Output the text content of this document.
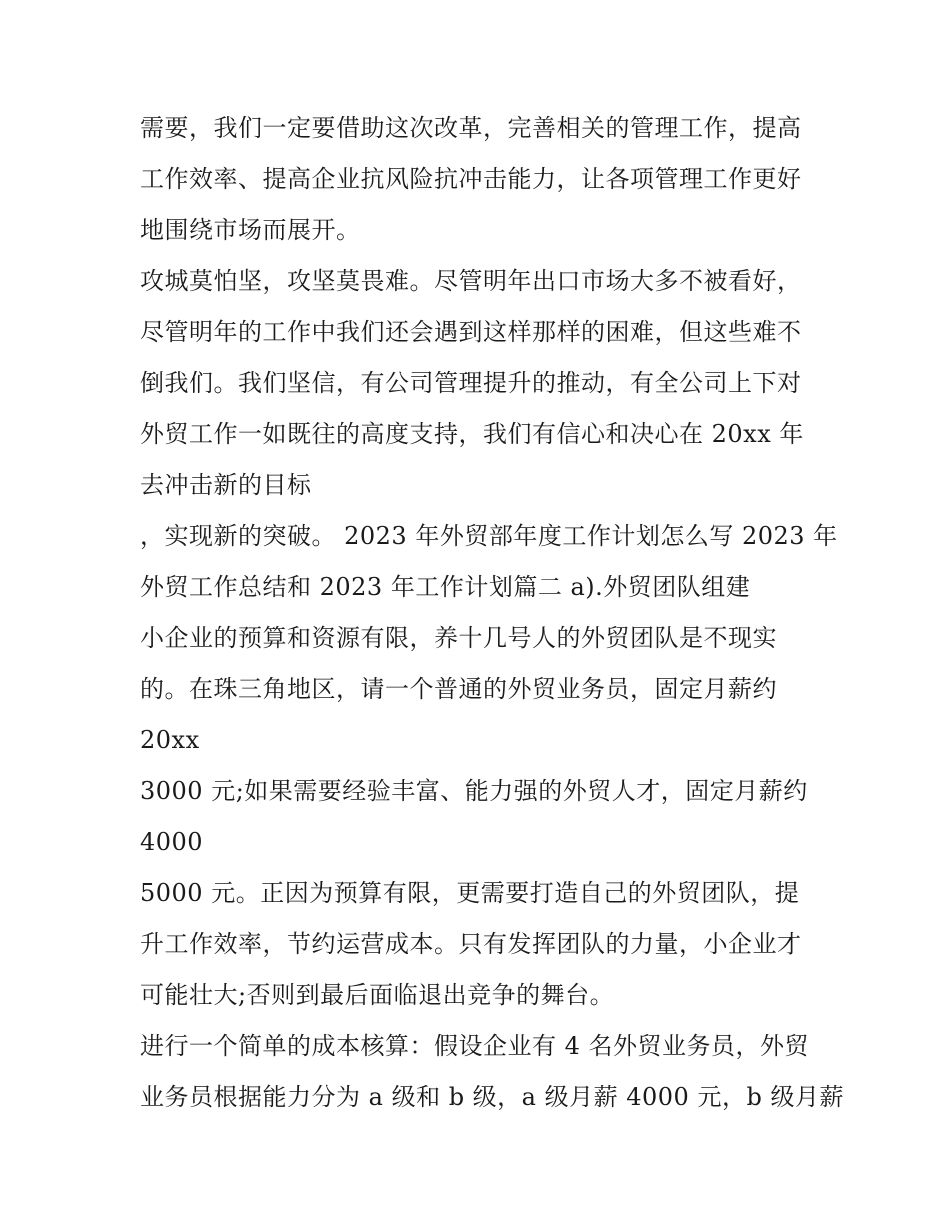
需要，我们一定要借助这次改革，完善相关的管理工作，提高
工作效率、提高企业抗风险抗冲击能力，让各项管理工作更好
地围绕市场而展开。
攻城莫怕坚，攻坚莫畏难。尽管明年出口市场大多不被看好，
尽管明年的工作中我们还会遇到这样那样的困难，但这些难不
倒我们。我们坚信，有公司管理提升的推动，有全公司上下对
外贸工作一如既往的高度支持，我们有信心和决心在 20xx 年
去冲击新的目标
，实现新的突破。 2023 年外贸部年度工作计划怎么写 2023 年
外贸工作总结和 2023 年工作计划篇二 a).外贸团队组建
小企业的预算和资源有限，养十几号人的外贸团队是不现实
的。在珠三角地区，请一个普通的外贸业务员，固定月薪约
20xx
3000 元;如果需要经验丰富、能力强的外贸人才，固定月薪约
4000
5000 元。正因为预算有限，更需要打造自己的外贸团队，提
升工作效率，节约运营成本。只有发挥团队的力量，小企业才
可能壮大;否则到最后面临退出竞争的舞台。
进行一个简单的成本核算：假设企业有 4 名外贸业务员，外贸
业务员根据能力分为 a 级和 b 级，a 级月薪 4000 元，b 级月薪
